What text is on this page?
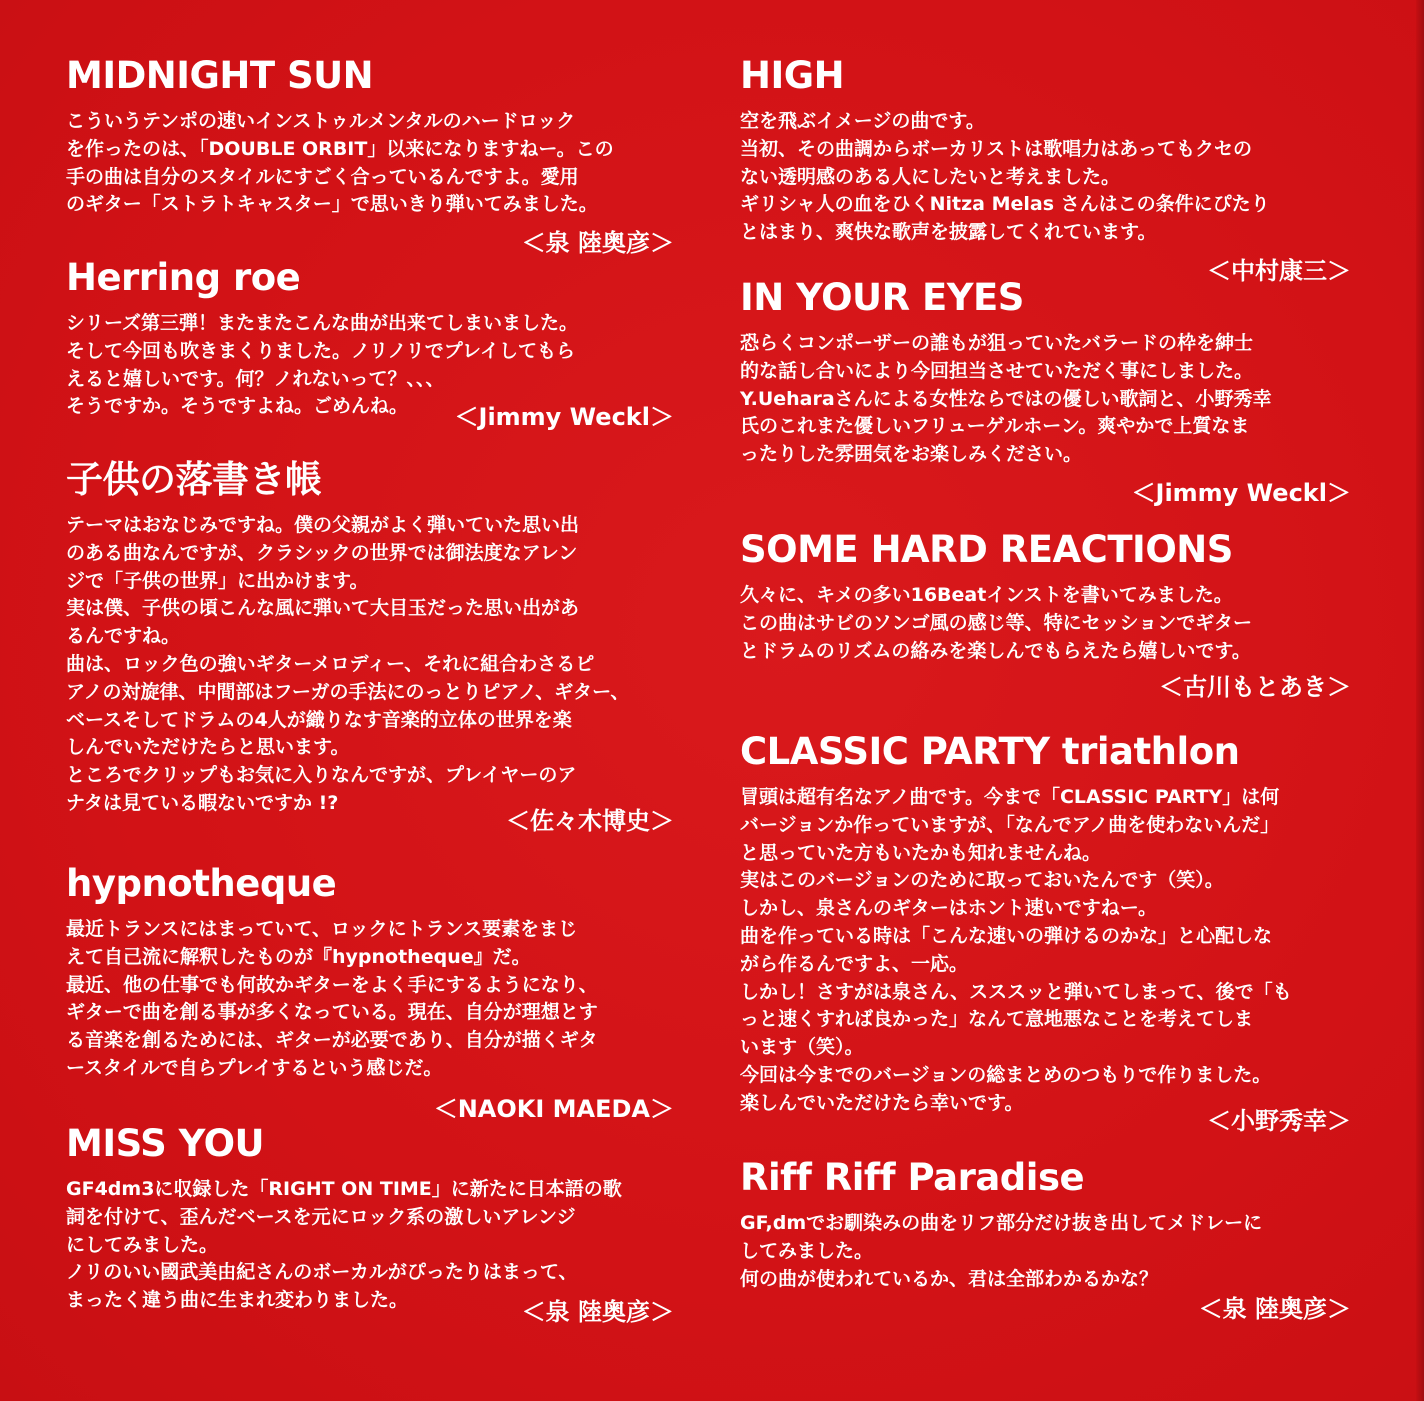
MIDNIGHT SUN
こういうテンポの速いインストゥルメンタルのハードロック
を作ったのは、「DOUBLE ORBIT」以来になりますねー。この
手の曲は自分のスタイルにすごく合っているんですよ。愛用
のギター「ストラトキャスター」で思いきり弾いてみました。
＜泉 陸奥彦＞
Herring roe
シリーズ第三弾！またまたこんな曲が出来てしまいました。
そして今回も吹きまくりました。ノリノリでプレイしてもら
えると嬉しいです。何？ノれないって？、、、
そうですか。そうですよね。ごめんね。	＜Jimmy Weckl＞
子供の落書き帳
テーマはおなじみですね。僕の父親がよく弾いていた思い出
のある曲なんですが、クラシックの世界では御法度なアレン
ジで「子供の世界」に出かけます。
実は僕、子供の頃こんな風に弾いて大目玉だった思い出があ
るんですね。
曲は、ロック色の強いギターメロディー、それに組合わさるピ
アノの対旋律、中間部はフーガの手法にのっとりピアノ、ギター、
ベースそしてドラムの4人が織りなす音楽的立体の世界を楽
しんでいただけたらと思います。
ところでクリップもお気に入りなんですが、プレイヤーのア
ナタは見ている暇ないですか !?
＜佐々木博史＞
hypnotheque
最近トランスにはまっていて、ロックにトランス要素をまじ
えて自己流に解釈したものが『hypnotheque』だ。
最近、他の仕事でも何故かギターをよく手にするようになり、
ギターで曲を創る事が多くなっている。現在、自分が理想とす
る音楽を創るためには、ギターが必要であり、自分が描くギタ
ースタイルで自らプレイするという感じだ。
＜NAOKI MAEDA＞
MISS YOU
GF4dm3に収録した「RIGHT ON TIME」に新たに日本語の歌
詞を付けて、歪んだベースを元にロック系の激しいアレンジ
にしてみました。
ノリのいい國武美由紀さんのボーカルがぴったりはまって、
まったく違う曲に生まれ変わりました。	＜泉 陸奥彦＞
HIGH
空を飛ぶイメージの曲です。
当初、その曲調からボーカリストは歌唱力はあってもクセの
ない透明感のある人にしたいと考えました。
ギリシャ人の血をひくNitza Melas さんはこの条件にぴたり
とはまり、爽快な歌声を披露してくれています。
＜中村康三＞
IN YOUR EYES
恐らくコンポーザーの誰もが狙っていたバラードの枠を紳士
的な話し合いにより今回担当させていただく事にしました。
Y.Ueharaさんによる女性ならではの優しい歌詞と、小野秀幸
氏のこれまた優しいフリューゲルホーン。爽やかで上質なま
ったりした雰囲気をお楽しみください。
＜Jimmy Weckl＞
SOME HARD REACTIONS
久々に、キメの多い16Beatインストを書いてみました。
この曲はサビのソンゴ風の感じ等、特にセッションでギター
とドラムのリズムの絡みを楽しんでもらえたら嬉しいです。
＜古川もとあき＞
CLASSIC PARTY triathlon
冒頭は超有名なアノ曲です。今まで「CLASSIC PARTY」は何
バージョンか作っていますが、「なんでアノ曲を使わないんだ」
と思っていた方もいたかも知れませんね。
実はこのバージョンのために取っておいたんです（笑）。
しかし、泉さんのギターはホント速いですねー。
曲を作っている時は「こんな速いの弾けるのかな」と心配しな
がら作るんですよ、一応。
しかし！さすがは泉さん、スススッと弾いてしまって、後で「も
っと速くすれば良かった」なんて意地悪なことを考えてしま
います（笑）。
今回は今までのバージョンの総まとめのつもりで作りました。
楽しんでいただけたら幸いです。
＜小野秀幸＞
Riff Riff Paradise
GF,dmでお馴染みの曲をリフ部分だけ抜き出してメドレーに
してみました。
何の曲が使われているか、君は全部わかるかな？
＜泉 陸奥彦＞
